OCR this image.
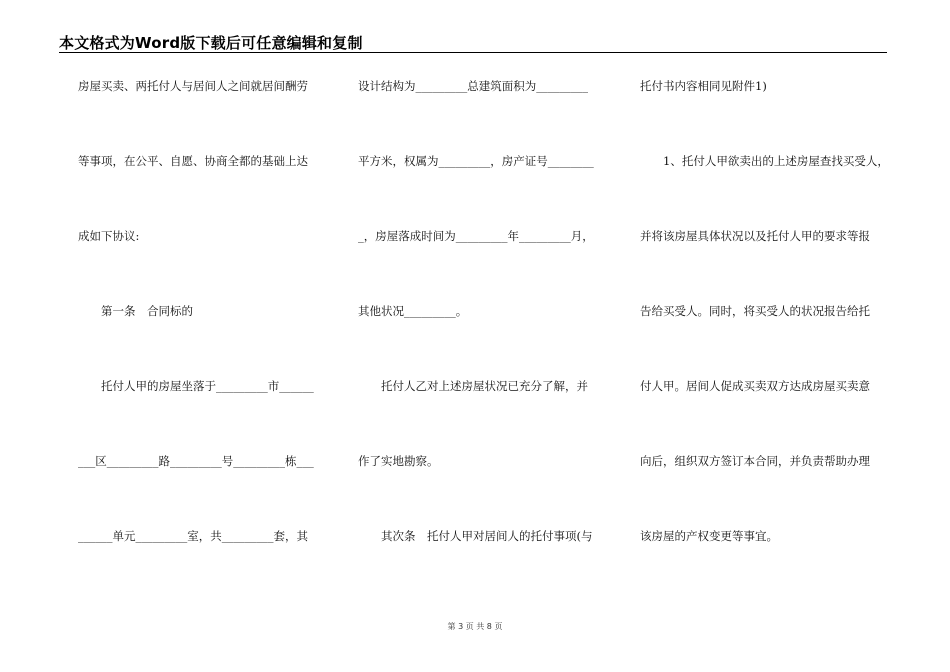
本文格式为Word版下载后可任意编辑和复制
房屋买卖、两托付人与居间人之间就居间酬劳
等事项，在公平、自愿、协商全都的基础上达
成如下协议:
　　第一条　合同标的
　　托付人甲的房屋坐落于_________市______
___区_________路_________号_________栋___
______单元_________室，共_________套，其
设计结构为_________总建筑面积为_________
平方米，权属为_________，房产证号________
_，房屋落成时间为_________年_________月，
其他状况_________。
　　托付人乙对上述房屋状况已充分了解，并
作了实地勘察。
　　其次条　托付人甲对居间人的托付事项(与
托付书内容相同见附件1)
　　1、托付人甲欲卖出的上述房屋查找买受人，
并将该房屋具体状况以及托付人甲的要求等报
告给买受人。同时，将买受人的状况报告给托
付人甲。居间人促成买卖双方达成房屋买卖意
向后，组织双方签订本合同，并负责帮助办理
该房屋的产权变更等事宜。
第 3 页 共 8 页
